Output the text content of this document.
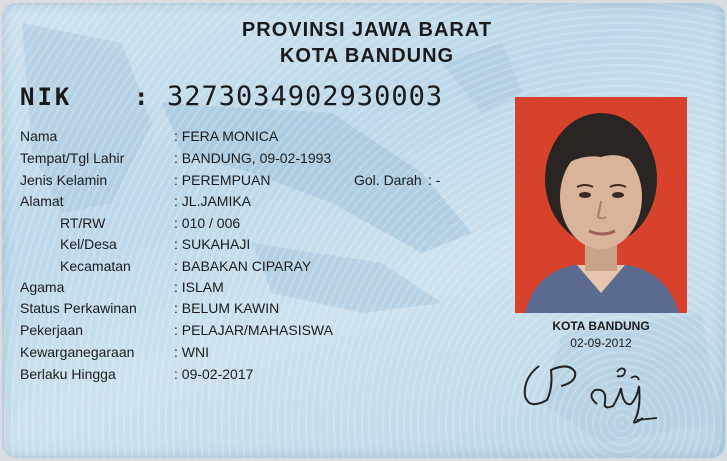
PROVINSI JAWA BARAT
KOTA BANDUNG
NIK	: 3273034902930003
Nama	: FERA MONICA
Tempat/Tgl Lahir	: BANDUNG, 09-02-1993
Jenis Kelamin	: PEREMPUAN	Gol. Darah : -
Alamat	: JL.JAMIKA
RT/RW	: 010 / 006
Kel/Desa	: SUKAHAJI
Kecamatan	: BABAKAN CIPARAY
Agama	: ISLAM
Status Perkawinan	: BELUM KAWIN
Pekerjaan	: PELAJAR/MAHASISWA
Kewarganegaraan	: WNI
Berlaku Hingga	: 09-02-2017
KOTA BANDUNG
02-09-2012
